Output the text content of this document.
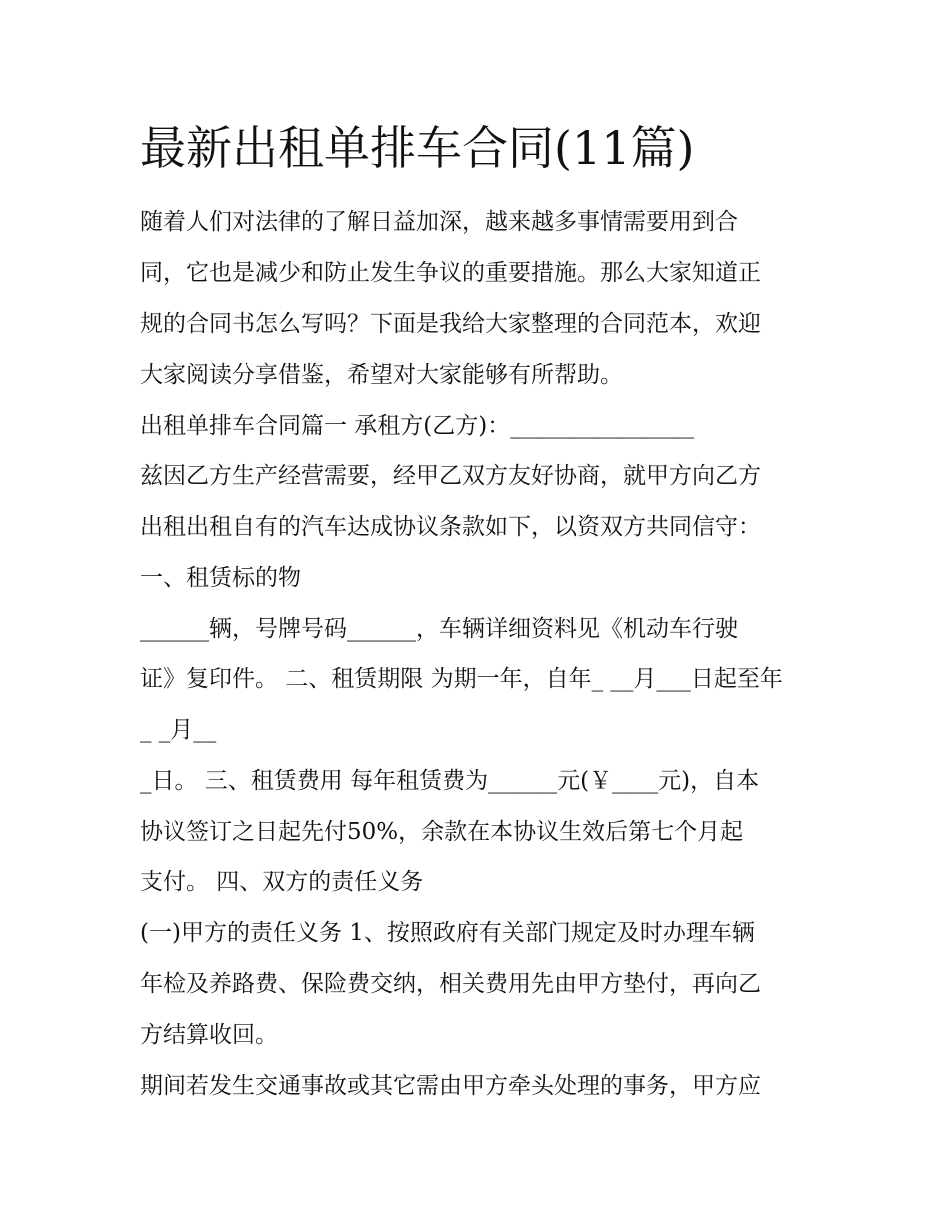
最新出租单排车合同(11篇)

随着人们对法律的了解日益加深，越来越多事情需要用到合

同，它也是减少和防止发生争议的重要措施。那么大家知道正

规的合同书怎么写吗？下面是我给大家整理的合同范本，欢迎

大家阅读分享借鉴，希望对大家能够有所帮助。

出租单排车合同篇一 承租方(乙方)：________________

兹因乙方生产经营需要，经甲乙双方友好协商，就甲方向乙方

出租出租自有的汽车达成协议条款如下，以资双方共同信守：

一、租赁标的物

______辆，号牌号码______，车辆详细资料见《机动车行驶

证》复印件。 二、租赁期限 为期一年，自年_ __月___日起至年

_ _月__

_日。 三、租赁费用 每年租赁费为______元(￥____元)，自本

协议签订之日起先付50%，余款在本协议生效后第七个月起

支付。 四、双方的责任义务

(一)甲方的责任义务 1、按照政府有关部门规定及时办理车辆

年检及养路费、保险费交纳，相关费用先由甲方垫付，再向乙

方结算收回。

期间若发生交通事故或其它需由甲方牵头处理的事务，甲方应
